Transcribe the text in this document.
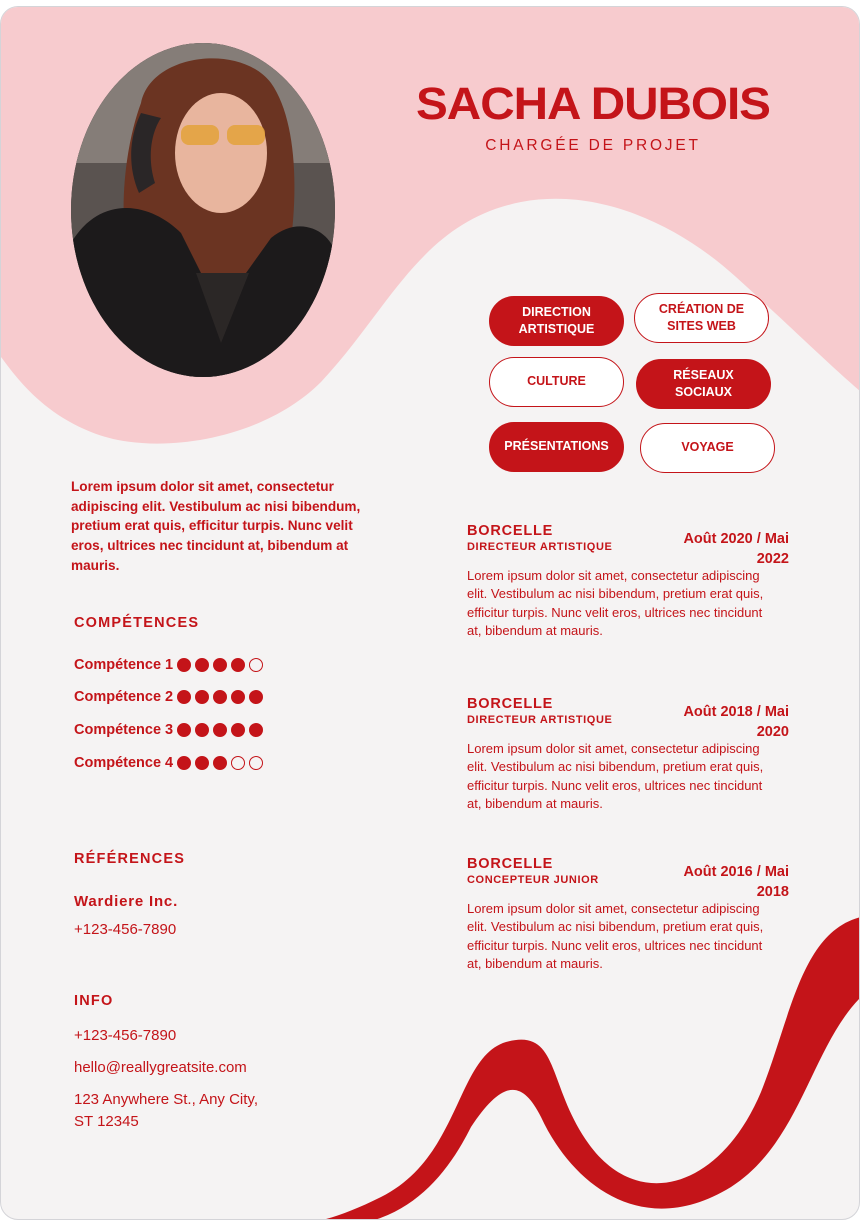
SACHA DUBOIS
CHARGÉE DE PROJET
DIRECTION
ARTISTIQUE
CRÉATION DE
SITES WEB
CULTURE	RÉSEAUX
SOCIAUX
PRÉSENTATIONS	VOYAGE
Lorem ipsum dolor sit amet, consectetur adipiscing elit. Vestibulum ac nisi bibendum, pretium erat quis, efficitur turpis. Nunc velit eros, ultrices nec tincidunt at, bibendum at mauris.
COMPÉTENCES
Compétence 1
Compétence 2
Compétence 3
Compétence 4
RÉFÉRENCES
Wardiere Inc.
+123-456-7890
INFO
+123-456-7890
hello@reallygreatsite.com
123 Anywhere St., Any City,
ST 12345
BORCELLE
DIRECTEUR ARTISTIQUE	Août 2020 / Mai
2022
Lorem ipsum dolor sit amet, consectetur adipiscing elit. Vestibulum ac nisi bibendum, pretium erat quis, efficitur turpis. Nunc velit eros, ultrices nec tincidunt at, bibendum at mauris.
BORCELLE
DIRECTEUR ARTISTIQUE	Août 2018 / Mai
2020
Lorem ipsum dolor sit amet, consectetur adipiscing elit. Vestibulum ac nisi bibendum, pretium erat quis, efficitur turpis. Nunc velit eros, ultrices nec tincidunt at, bibendum at mauris.
BORCELLE
CONCEPTEUR JUNIOR	Août 2016 / Mai
2018
Lorem ipsum dolor sit amet, consectetur adipiscing elit. Vestibulum ac nisi bibendum, pretium erat quis, efficitur turpis. Nunc velit eros, ultrices nec tincidunt at, bibendum at mauris.
